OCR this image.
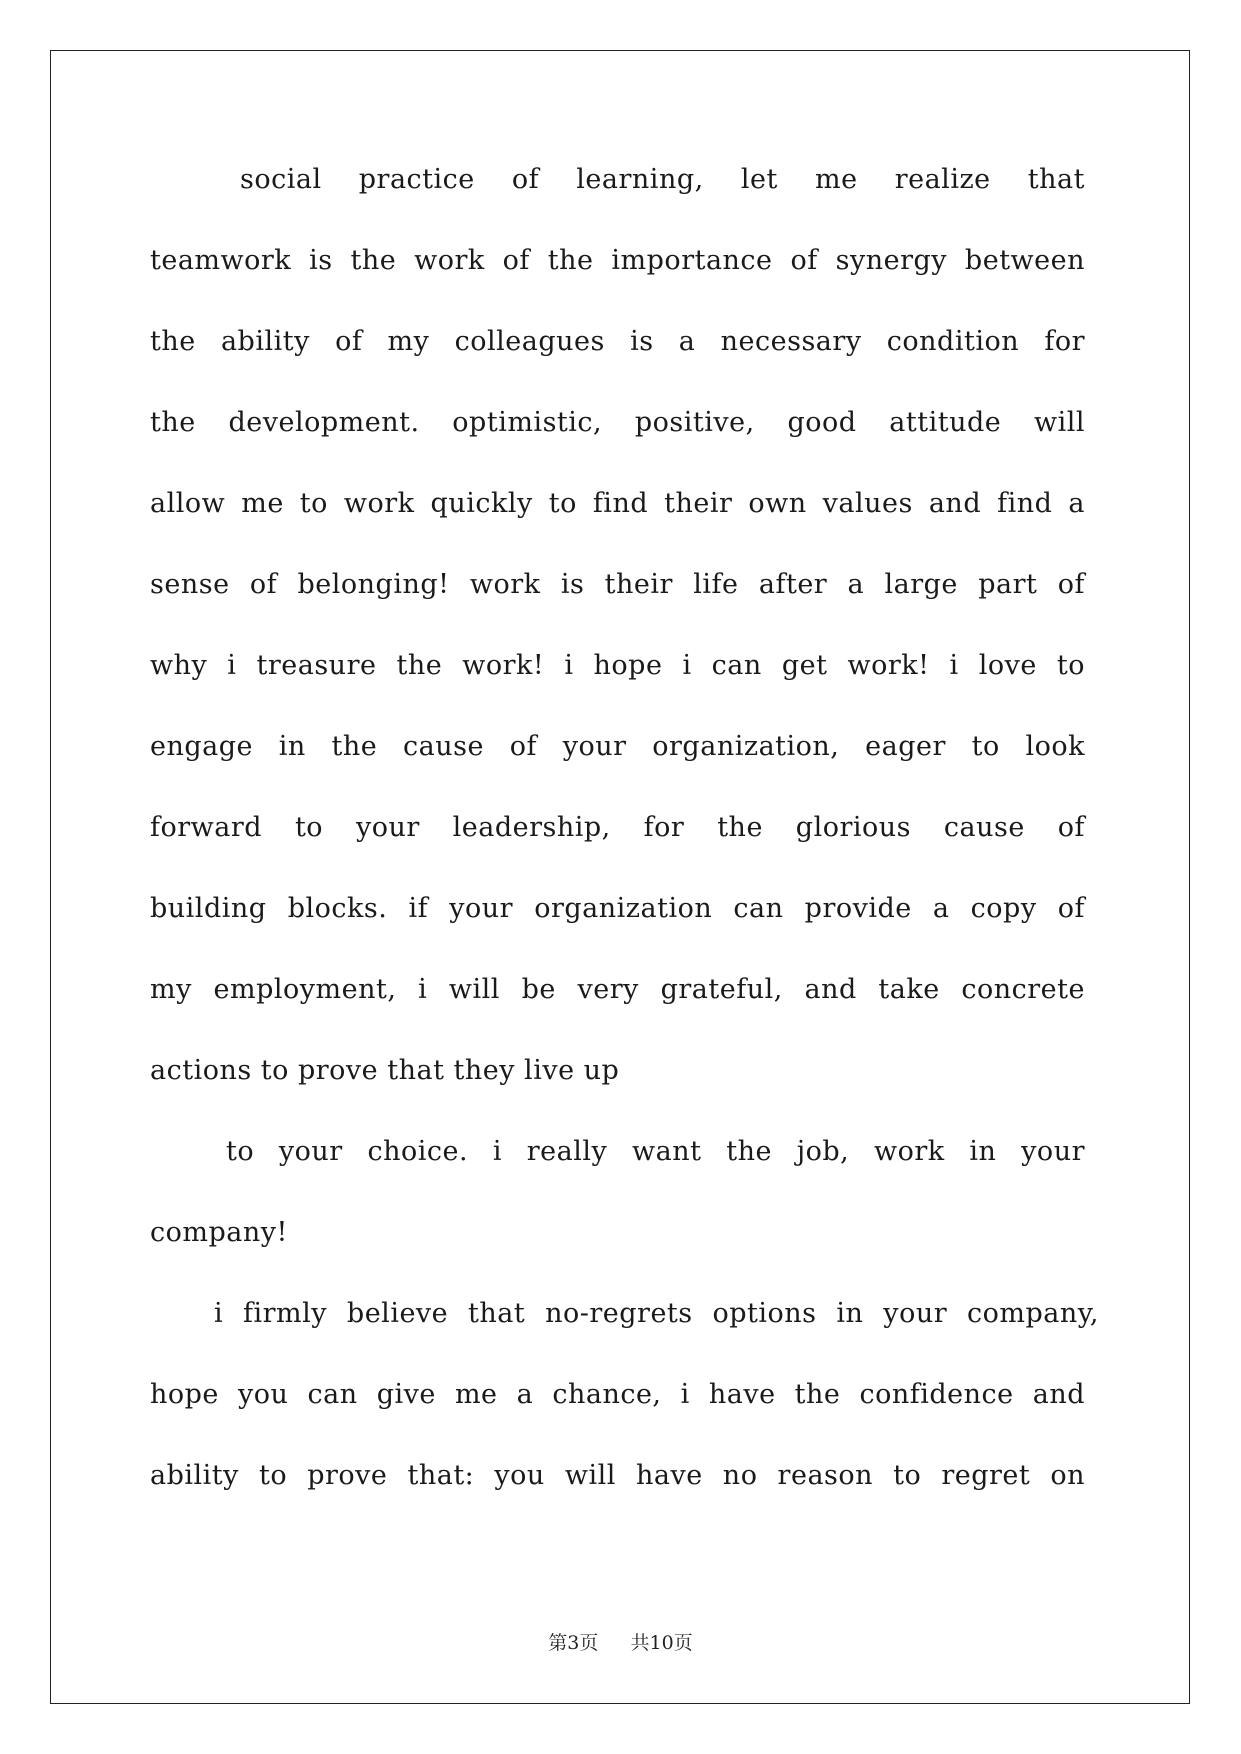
social practice of learning, let me realize that
teamwork is the work of the importance of synergy between
the ability of my colleagues is a necessary condition for
the development. optimistic, positive, good attitude will
allow me to work quickly to find their own values and find a
sense of belonging! work is their life after a large part of
why i treasure the work! i hope i can get work! i love to
engage in the cause of your organization, eager to look
forward to your leadership, for the glorious cause of
building blocks. if your organization can provide a copy of
my employment, i will be very grateful, and take concrete
actions to prove that they live up
to your choice. i really want the job, work in your
company!
i firmly believe that no-regrets options in your company,
hope you can give me a chance, i have the confidence and
ability to prove that: you will have no reason to regret on
第3页 共10页
